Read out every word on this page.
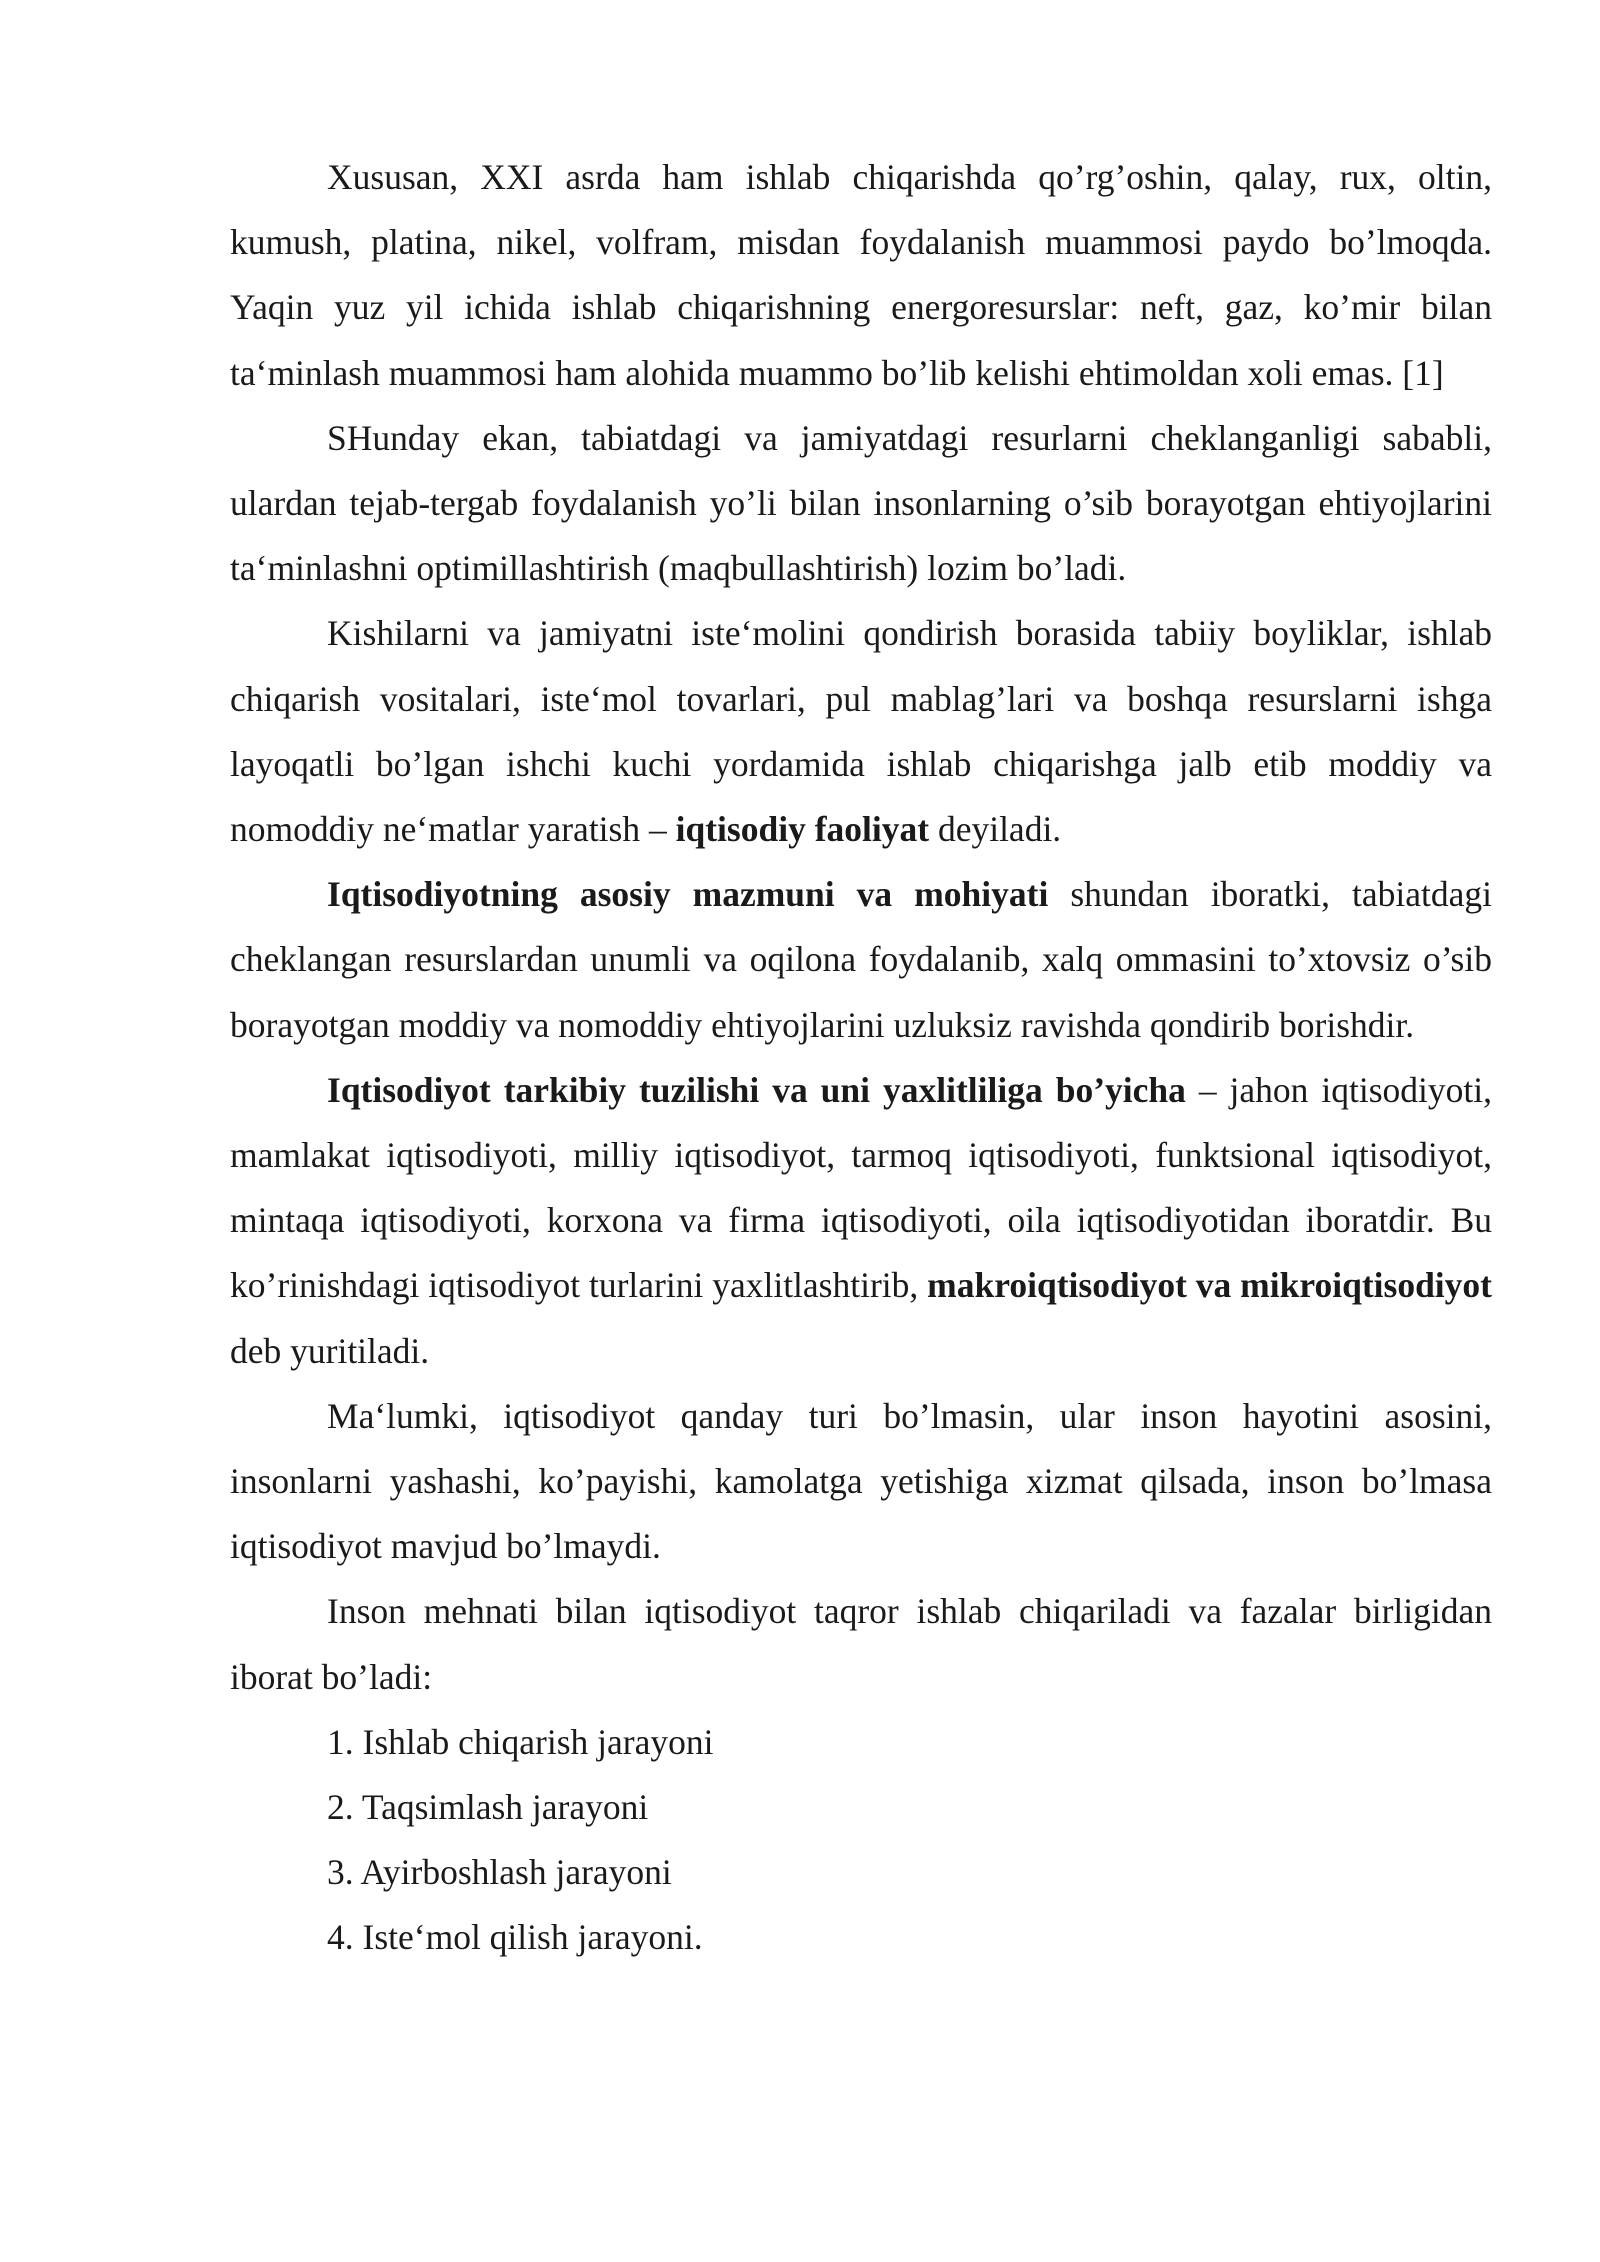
Xususan, XXI asrda ham ishlab chiqarishda qo’rg’oshin, qalay, rux, oltin, kumush, platina, nikel, volfram, misdan foydalanish muammosi paydo bo’lmoqda. Yaqin yuz yil ichida ishlab chiqarishning energoresurslar: neft, gaz, ko’mir bilan ta‘minlash muammosi ham alohida muammo bo’lib kelishi ehtimoldan xoli emas. [1]

SHunday ekan, tabiatdagi va jamiyatdagi resurlarni cheklanganligi sababli, ulardan tejab-tergab foydalanish yo’li bilan insonlarning o’sib borayotgan ehtiyojlarini ta‘minlashni optimillashtirish (maqbullashtirish) lozim bo’ladi.

Kishilarni va jamiyatni iste‘molini qondirish borasida tabiiy boyliklar, ishlab chiqarish vositalari, iste‘mol tovarlari, pul mablag’lari va boshqa resurslarni ishga layoqatli bo’lgan ishchi kuchi yordamida ishlab chiqarishga jalb etib moddiy va nomoddiy ne‘matlar yaratish – iqtisodiy faoliyat deyiladi.

Iqtisodiyotning asosiy mazmuni va mohiyati shundan iboratki, tabiatdagi cheklangan resurslardan unumli va oqilona foydalanib, xalq ommasini to’xtovsiz o’sib borayotgan moddiy va nomoddiy ehtiyojlarini uzluksiz ravishda qondirib borishdir.

Iqtisodiyot tarkibiy tuzilishi va uni yaxlitliliga bo’yicha – jahon iqtisodiyoti, mamlakat iqtisodiyoti, milliy iqtisodiyot, tarmoq iqtisodiyoti, funktsional iqtisodiyot, mintaqa iqtisodiyoti, korxona va firma iqtisodiyoti, oila iqtisodiyotidan iboratdir. Bu ko’rinishdagi iqtisodiyot turlarini yaxlitlashtirib, makroiqtisodiyot va mikroiqtisodiyot deb yuritiladi.

Ma‘lumki, iqtisodiyot qanday turi bo’lmasin, ular inson hayotini asosini, insonlarni yashashi, ko’payishi, kamolatga yetishiga xizmat qilsada, inson bo’lmasa iqtisodiyot mavjud bo’lmaydi.

Inson mehnati bilan iqtisodiyot taqror ishlab chiqariladi va fazalar birligidan iborat bo’ladi:

1. Ishlab chiqarish jarayoni

2. Taqsimlash jarayoni

3. Ayirboshlash jarayoni

4. Iste‘mol qilish jarayoni.
